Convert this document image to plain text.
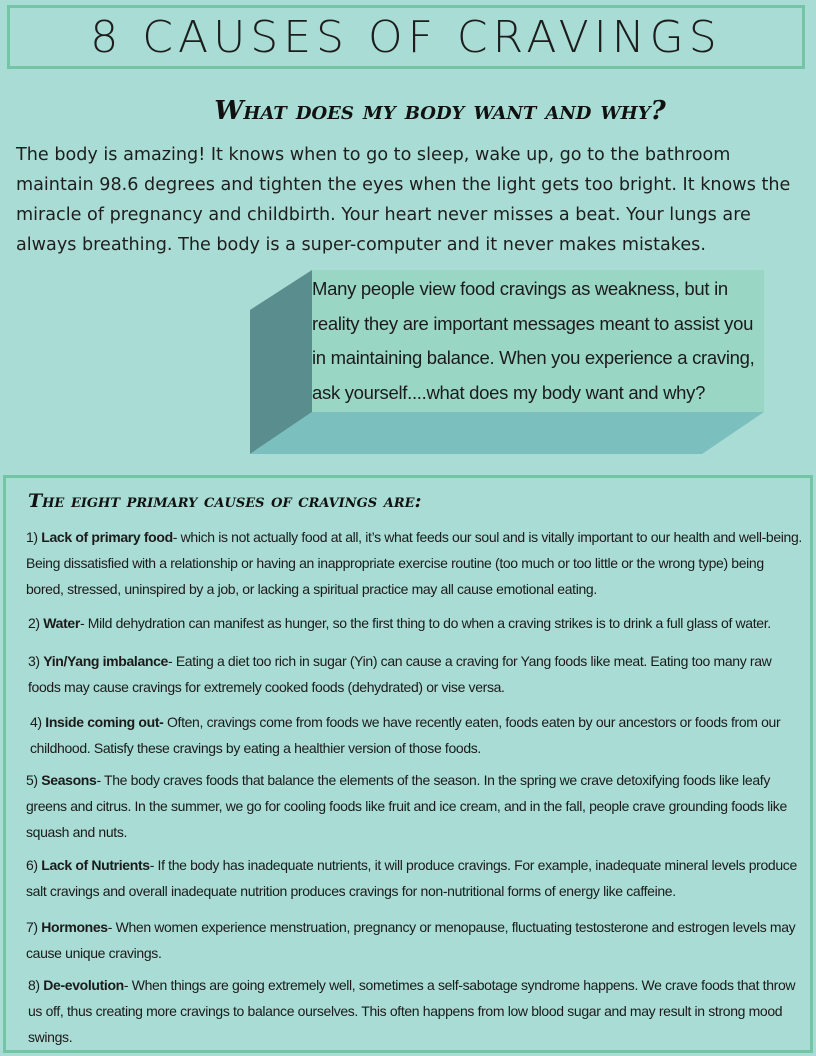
8 CAUSES OF CRAVINGS
What does my body want and why?
The body is amazing! It knows when to go to sleep, wake up, go to the bathroom maintain 98.6 degrees and tighten the eyes when the light gets too bright. It knows the miracle of pregnancy and childbirth. Your heart never misses a beat. Your lungs are always breathing. The body is a super-computer and it never makes mistakes.
Many people view food cravings as weakness, but in reality they are important messages meant to assist you in maintaining balance. When you experience a craving, ask yourself....what does my body want and why?
The eight primary causes of cravings are:
1) Lack of primary food- which is not actually food at all, it’s what feeds our soul and is vitally important to our health and well-being. Being dissatisfied with a relationship or having an inappropriate exercise routine (too much or too little or the wrong type) being bored, stressed, uninspired by a job, or lacking a spiritual practice may all cause emotional eating.
2) Water- Mild dehydration can manifest as hunger, so the first thing to do when a craving strikes is to drink a full glass of water.
3) Yin/Yang imbalance- Eating a diet too rich in sugar (Yin) can cause a craving for Yang foods like meat. Eating too many raw foods may cause cravings for extremely cooked foods (dehydrated) or vise versa.
4) Inside coming out- Often, cravings come from foods we have recently eaten, foods eaten by our ancestors or foods from our childhood. Satisfy these cravings by eating a healthier version of those foods.
5) Seasons- The body craves foods that balance the elements of the season. In the spring we crave detoxifying foods like leafy greens and citrus. In the summer, we go for cooling foods like fruit and ice cream, and in the fall, people crave grounding foods like squash and nuts.
6) Lack of Nutrients- If the body has inadequate nutrients, it will produce cravings. For example, inadequate mineral levels produce salt cravings and overall inadequate nutrition produces cravings for non-nutritional forms of energy like caffeine.
7) Hormones- When women experience menstruation, pregnancy or menopause, fluctuating testosterone and estrogen levels may cause unique cravings.
8) De-evolution- When things are going extremely well, sometimes a self-sabotage syndrome happens. We crave foods that throw us off, thus creating more cravings to balance ourselves. This often happens from low blood sugar and may result in strong mood swings.
